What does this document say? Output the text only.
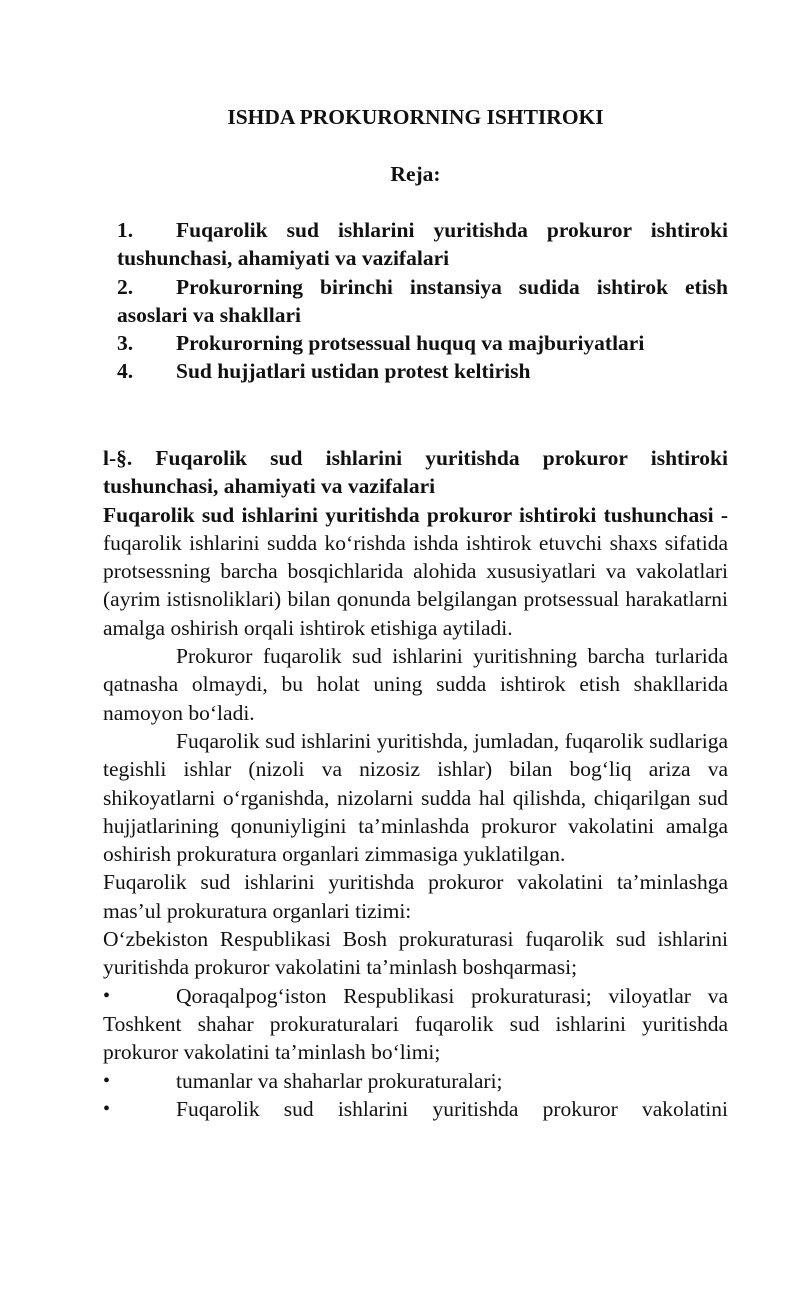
ISHDA PROKURORNING ISHTIROKI
Reja:
1. Fuqarolik sud ishlarini yuritishda prokuror ishtiroki tushunchasi, ahamiyati va vazifalari
2. Prokurorning birinchi instansiya sudida ishtirok etish asoslari va shakllari
3. Prokurorning protsessual huquq va majburiyatlari
4. Sud hujjatlari ustidan protest keltirish

l-§. Fuqarolik sud ishlarini yuritishda prokuror ishtiroki tushunchasi, ahamiyati va vazifalari

Fuqarolik sud ishlarini yuritishda prokuror ishtiroki tushunchasi - fuqarolik ishlarini sudda ko‘rishda ishda ishtirok etuvchi shaxs sifatida protsessning barcha bosqichlarida alohida xususiyatlari va vakolatlari (ayrim istisnoliklari) bilan qonunda belgilangan protsessual harakatlarni amalga oshirish orqali ishtirok etishiga aytiladi.

Prokuror fuqarolik sud ishlarini yuritishning barcha turlarida qatnasha olmaydi, bu holat uning sudda ishtirok etish shakllarida namoyon bo‘ladi.

Fuqarolik sud ishlarini yuritishda, jumladan, fuqarolik sudlariga tegishli ishlar (nizoli va nizosiz ishlar) bilan bog‘liq ariza va shikoyatlarni o‘rganishda, nizolarni sudda hal qilishda, chiqarilgan sud hujjatlarining qonuniyligini ta’minlashda prokuror vakolatini amalga oshirish prokuratura organlari zimmasiga yuklatilgan.

Fuqarolik sud ishlarini yuritishda prokuror vakolatini ta’minlashga mas’ul prokuratura organlari tizimi:

O‘zbekiston Respublikasi Bosh prokuraturasi fuqarolik sud ishlarini yuritishda prokuror vakolatini ta’minlash boshqarmasi;

•	Qoraqalpog‘iston Respublikasi prokuraturasi; viloyatlar va Toshkent shahar prokuraturalari fuqarolik sud ishlarini yuritishda prokuror vakolatini ta’minlash bo‘limi;

•	tumanlar va shaharlar prokuraturalari;

•	Fuqarolik sud ishlarini yuritishda prokuror vakolatini
